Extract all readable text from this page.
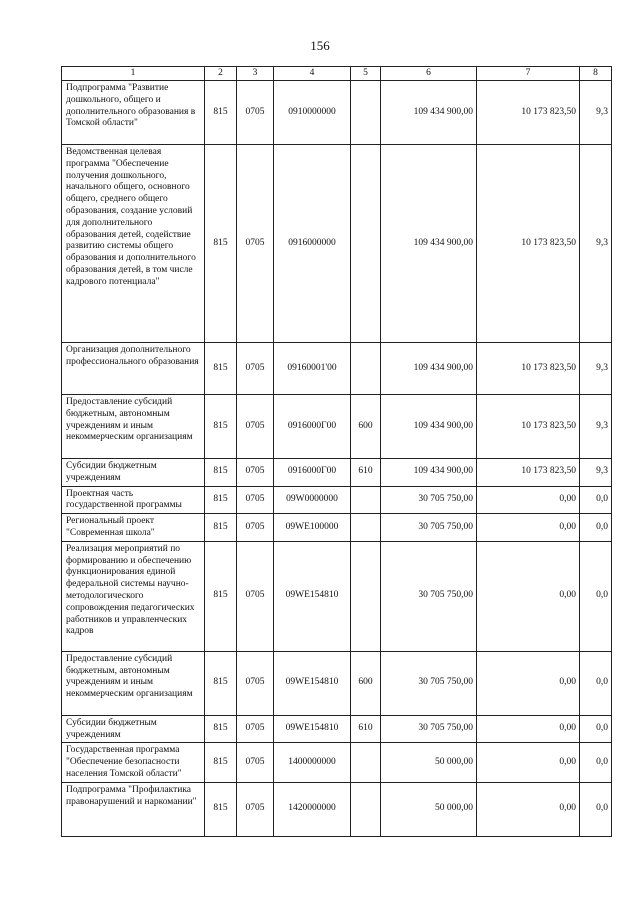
156
1	2	3	4	5	6	7	8
Подпрограмма "Развитие дошкольного, общего и дополнительного образования в Томской области"	815	0705	0910000000		109 434 900,00	10 173 823,50	9,3
Ведомственная целевая программа "Обеспечение получения дошкольного, начального общего, основного общего, среднего общего образования, создание условий для дополнительного образования детей, содействие развитию системы общего образования и дополнительного образования детей, в том числе кадрового потенциала"	815	0705	0916000000		109 434 900,00	10 173 823,50	9,3
Организация дополнительного профессионального образования	815	0705	09160001'00		109 434 900,00	10 173 823,50	9,3
Предоставление субсидий бюджетным, автономным учреждениям и иным некоммерческим организациям	815	0705	0916000Г00	600	109 434 900,00	10 173 823,50	9,3
Субсидии бюджетным учреждениям	815	0705	0916000Г00	610	109 434 900,00	10 173 823,50	9,3
Проектная часть государственной программы	815	0705	09W0000000		30 705 750,00	0,00	0,0
Региональный проект "Современная школа"	815	0705	09WE100000		30 705 750,00	0,00	0,0
Реализация мероприятий по формированию и обеспечению функционирования единой федеральной системы научно-методологического сопровождения педагогических работников и управленческих кадров	815	0705	09WE154810		30 705 750,00	0,00	0,0
Предоставление субсидий бюджетным, автономным учреждениям и иным некоммерческим организациям	815	0705	09WE154810	600	30 705 750,00	0,00	0,0
Субсидии бюджетным учреждениям	815	0705	09WE154810	610	30 705 750,00	0,00	0,0
Государственная программа "Обеспечение безопасности населения Томской области"	815	0705	1400000000		50 000,00	0,00	0,0
Подпрограмма "Профилактика правонарушений и наркомании"	815	0705	1420000000		50 000,00	0,00	0,0
